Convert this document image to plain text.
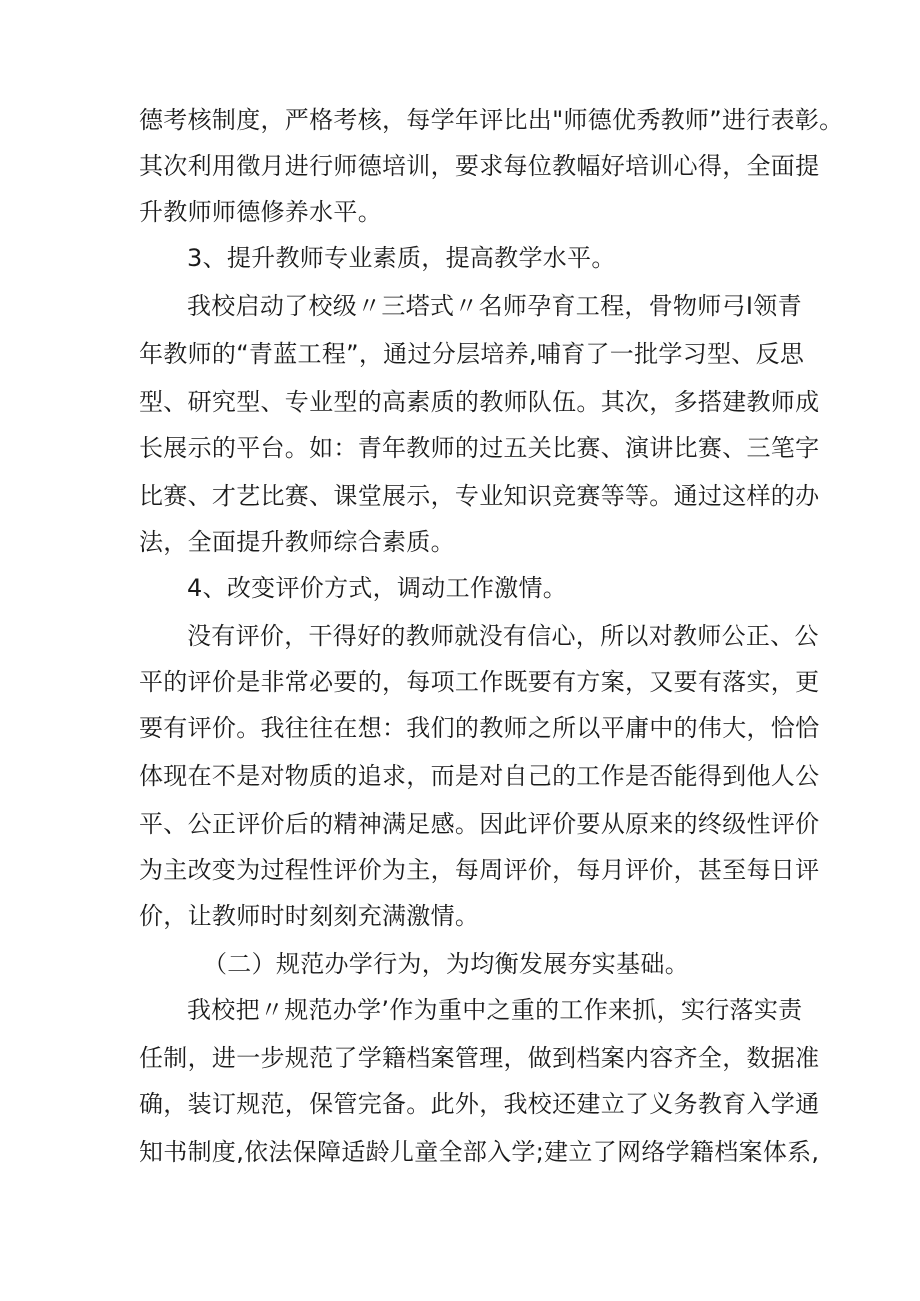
德考核制度，严格考核，每学年评比出"师德优秀教师”进行表彰。
其次利用徵月进行师德培训，要求每位教幅好培训心得，全面提
升教师师德修养水平。
3、提升教师专业素质，提高教学水平。
我校启动了校级〃三塔式〃名师孕育工程，骨物师弓I领青
年教师的“青蓝工程”，通过分层培养,哺育了一批学习型、反思
型、研究型、专业型的高素质的教师队伍。其次，多搭建教师成
长展示的平台。如：青年教师的过五关比赛、演讲比赛、三笔字
比赛、才艺比赛、课堂展示，专业知识竞赛等等。通过这样的办
法，全面提升教师综合素质。
4、改变评价方式，调动工作激情。
没有评价，干得好的教师就没有信心，所以对教师公正、公
平的评价是非常必要的，每项工作既要有方案，又要有落实，更
要有评价。我往往在想：我们的教师之所以平庸中的伟大，恰恰
体现在不是对物质的追求，而是对自己的工作是否能得到他人公
平、公正评价后的精神满足感。因此评价要从原来的终级性评价
为主改变为过程性评价为主，每周评价，每月评价，甚至每日评
价，让教师时时刻刻充满激情。
（二）规范办学行为，为均衡发展夯实基础。
我校把〃规范办学’作为重中之重的工作来抓，实行落实责
任制，进一步规范了学籍档案管理，做到档案内容齐全，数据准
确，装订规范，保管完备。此外，我校还建立了义务教育入学通
知书制度,依法保障适龄儿童全部入学;建立了网络学籍档案体系,
